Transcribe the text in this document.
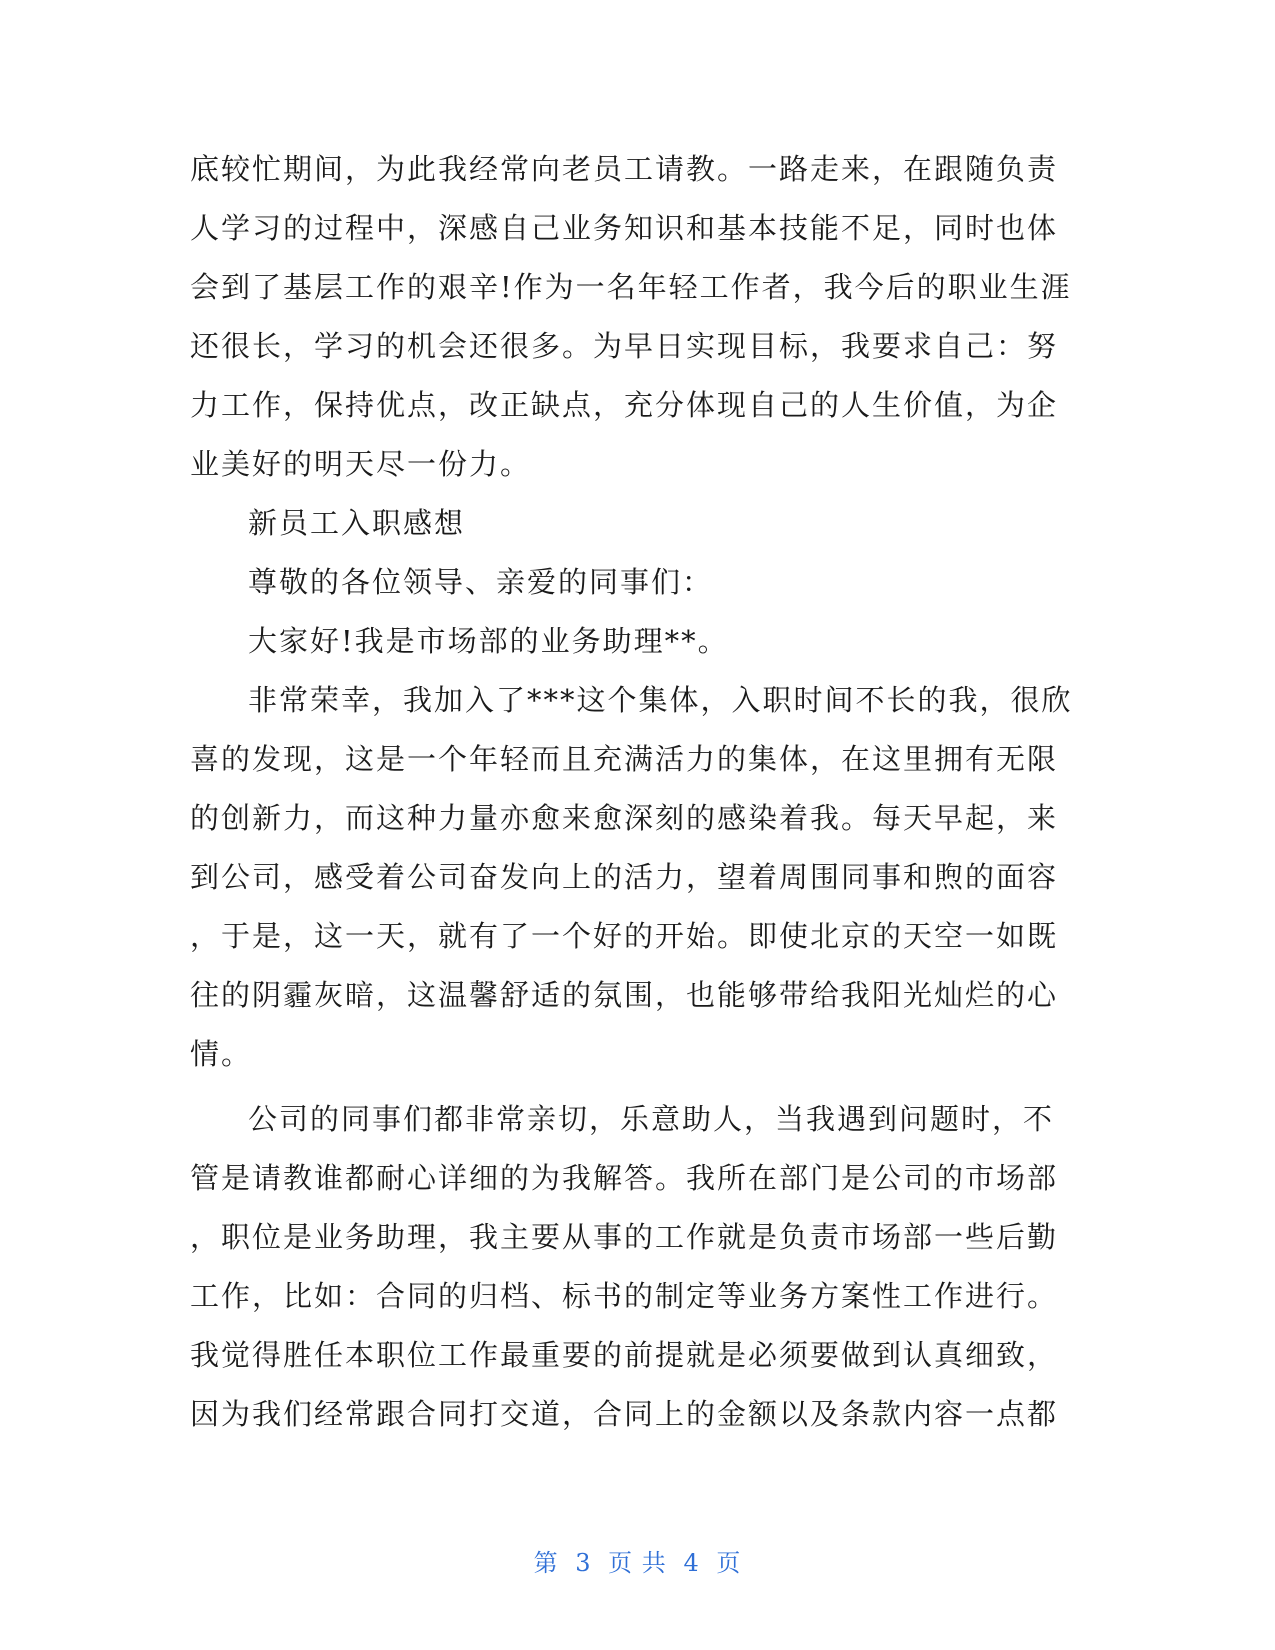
底较忙期间，为此我经常向老员工请教。一路走来，在跟随负责
人学习的过程中，深感自己业务知识和基本技能不足，同时也体
会到了基层工作的艰辛!作为一名年轻工作者，我今后的职业生涯
还很长，学习的机会还很多。为早日实现目标，我要求自己：努
力工作，保持优点，改正缺点，充分体现自己的人生价值，为企
业美好的明天尽一份力。
新员工入职感想
尊敬的各位领导、亲爱的同事们：
大家好!我是市场部的业务助理**。
非常荣幸，我加入了***这个集体，入职时间不长的我，很欣
喜的发现，这是一个年轻而且充满活力的集体，在这里拥有无限
的创新力，而这种力量亦愈来愈深刻的感染着我。每天早起，来
到公司，感受着公司奋发向上的活力，望着周围同事和煦的面容
，于是，这一天，就有了一个好的开始。即使北京的天空一如既
往的阴霾灰暗，这温馨舒适的氛围，也能够带给我阳光灿烂的心
情。
公司的同事们都非常亲切，乐意助人，当我遇到问题时，不
管是请教谁都耐心详细的为我解答。我所在部门是公司的市场部
，职位是业务助理，我主要从事的工作就是负责市场部一些后勤
工作，比如：合同的归档、标书的制定等业务方案性工作进行。
我觉得胜任本职位工作最重要的前提就是必须要做到认真细致，
因为我们经常跟合同打交道，合同上的金额以及条款内容一点都
第 3 页 共 4 页
